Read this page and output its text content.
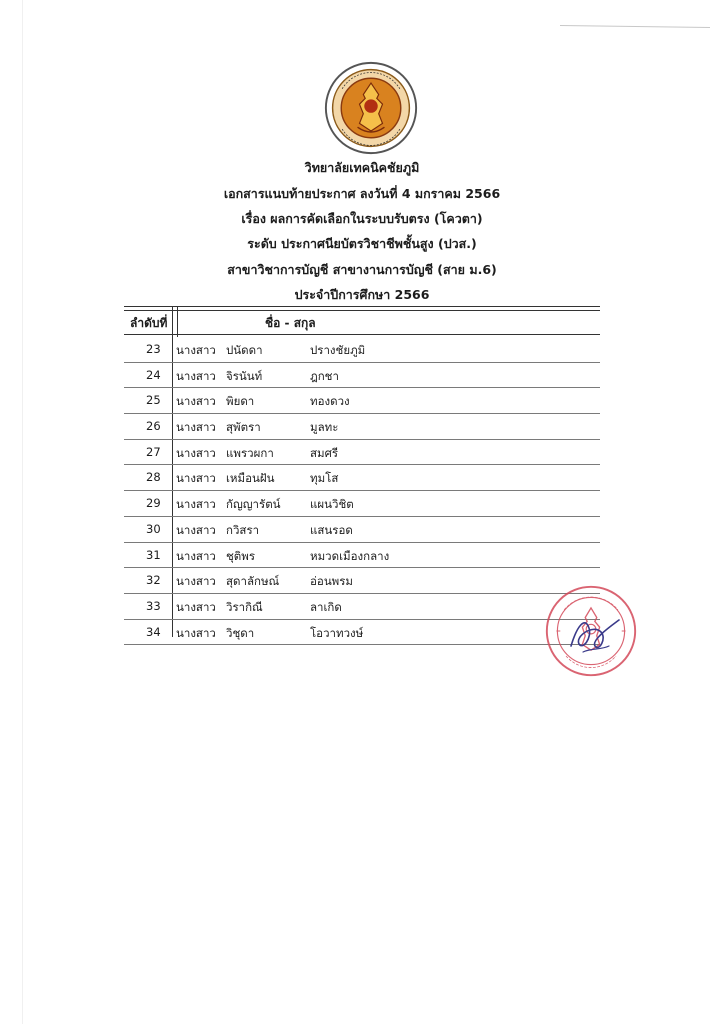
วิทยาลัยเทคนิคชัยภูมิ
เอกสารแนบท้ายประกาศ ลงวันที่ 4 มกราคม 2566
เรื่อง ผลการคัดเลือกในระบบรับตรง (โควตา)
ระดับ ประกาศนียบัตรวิชาชีพชั้นสูง (ปวส.)
สาขาวิชาการบัญชี สาขางานการบัญชี (สาย ม.6)
ประจำปีการศึกษา 2566
ลำดับที่	ชื่อ - สกุล
23 นางสาว ปนัดดา	ปรางชัยภูมิ
24 นางสาว จิรนันท์	ฎกชา
25 นางสาว พิยดา	ทองดวง
26 นางสาว สุพัตรา	มูลทะ
27 นางสาว แพรวผกา	สมศรี
28 นางสาว เหมือนฝัน	ทุมโส
29 นางสาว กัญญารัตน์	แผนวิชิต
30 นางสาว กวิสรา	แสนรอด
31 นางสาว ชุติพร	หมวดเมืองกลาง
32 นางสาว สุดาลักษณ์	อ่อนพรม
33 นางสาว วิรากิณี	ลาเกิด
34 นางสาว วิชุดา	โอวาทวงษ์
